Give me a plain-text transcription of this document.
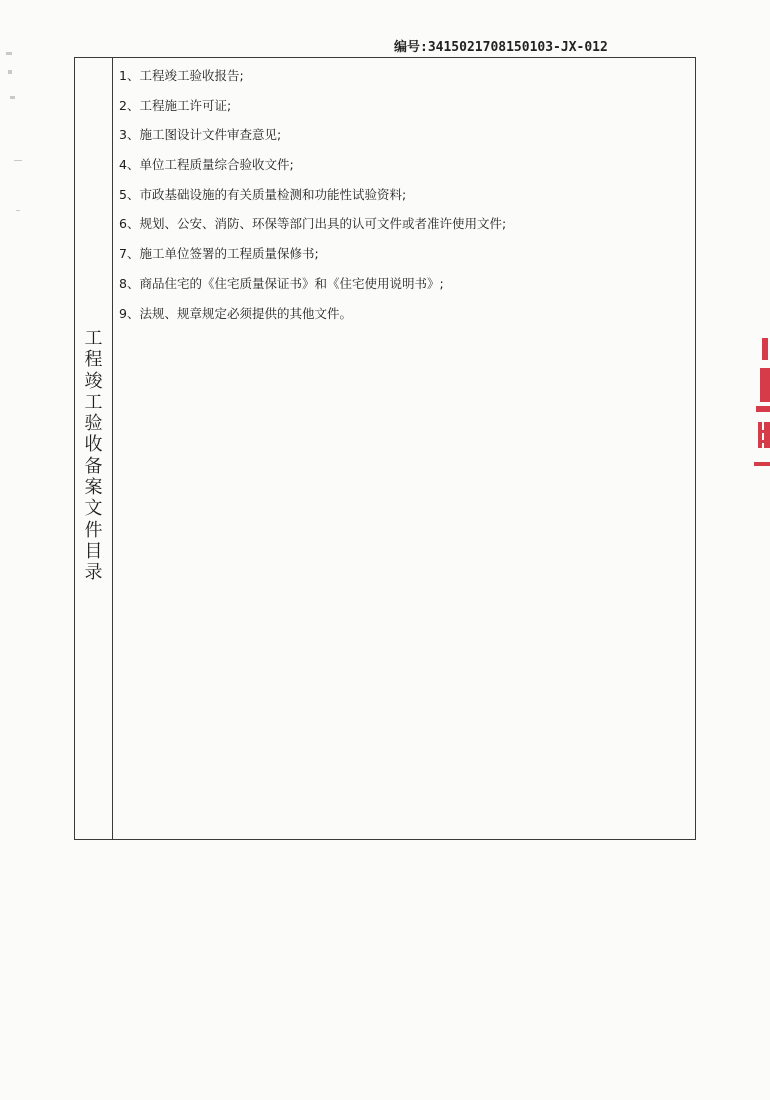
编号:3415021708150103-JX-012
工
程
竣
工
验
收
备
案
文
件
目
录
1、工程竣工验收报告;
2、工程施工许可证;
3、施工图设计文件审查意见;
4、单位工程质量综合验收文件;
5、市政基础设施的有关质量检测和功能性试验资料;
6、规划、公安、消防、环保等部门出具的认可文件或者准许使用文件;
7、施工单位签署的工程质量保修书;
8、商品住宅的《住宅质量保证书》和《住宅使用说明书》;
9、法规、规章规定必须提供的其他文件。
